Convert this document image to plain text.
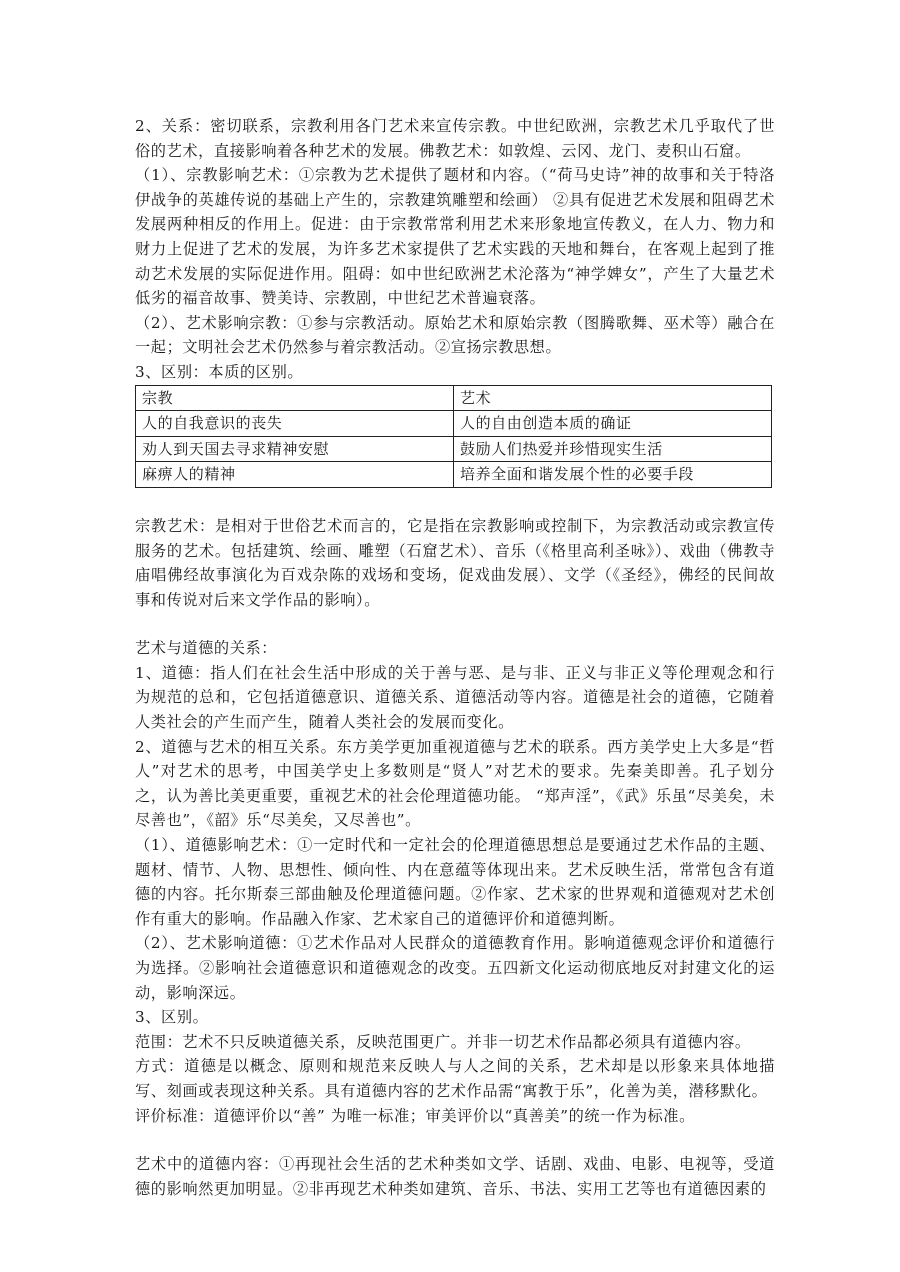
2、关系：密切联系，宗教利用各门艺术来宣传宗教。中世纪欧洲，宗教艺术几乎取代了世俗的艺术，直接影响着各种艺术的发展。佛教艺术：如敦煌、云冈、龙门、麦积山石窟。

（1）、宗教影响艺术：①宗教为艺术提供了题材和内容。（“荷马史诗”神的故事和关于特洛伊战争的英雄传说的基础上产生的，宗教建筑雕塑和绘画） ②具有促进艺术发展和阻碍艺术发展两种相反的作用上。促进：由于宗教常常利用艺术来形象地宣传教义，在人力、物力和财力上促进了艺术的发展，为许多艺术家提供了艺术实践的天地和舞台，在客观上起到了推动艺术发展的实际促进作用。阻碍：如中世纪欧洲艺术沦落为“神学婢女”，产生了大量艺术低劣的福音故事、赞美诗、宗教剧，中世纪艺术普遍衰落。

（2）、艺术影响宗教：①参与宗教活动。原始艺术和原始宗教（图腾歌舞、巫术等）融合在一起；文明社会艺术仍然参与着宗教活动。②宣扬宗教思想。

3、区别：本质的区别。

宗教	艺术
人的自我意识的丧失	人的自由创造本质的确证
劝人到天国去寻求精神安慰	鼓励人们热爱并珍惜现实生活
麻痹人的精神	培养全面和谐发展个性的必要手段

宗教艺术：是相对于世俗艺术而言的，它是指在宗教影响或控制下，为宗教活动或宗教宣传服务的艺术。包括建筑、绘画、雕塑（石窟艺术）、音乐（《格里高利圣咏》）、戏曲（佛教寺庙唱佛经故事演化为百戏杂陈的戏场和变场，促戏曲发展）、文学（《圣经》，佛经的民间故事和传说对后来文学作品的影响）。

艺术与道德的关系：

1、道德：指人们在社会生活中形成的关于善与恶、是与非、正义与非正义等伦理观念和行为规范的总和，它包括道德意识、道德关系、道德活动等内容。道德是社会的道德，它随着人类社会的产生而产生，随着人类社会的发展而变化。

2、道德与艺术的相互关系。东方美学更加重视道德与艺术的联系。西方美学史上大多是“哲人”对艺术的思考，中国美学史上多数则是“贤人”对艺术的要求。先秦美即善。孔子划分之，认为善比美更重要，重视艺术的社会伦理道德功能。 “郑声淫”，《武》乐虽“尽美矣，未尽善也”，《韶》乐“尽美矣，又尽善也”。

（1）、道德影响艺术：①一定时代和一定社会的伦理道德思想总是要通过艺术作品的主题、题材、情节、人物、思想性、倾向性、内在意蕴等体现出来。艺术反映生活，常常包含有道德的内容。托尔斯泰三部曲触及伦理道德问题。②作家、艺术家的世界观和道德观对艺术创作有重大的影响。作品融入作家、艺术家自己的道德评价和道德判断。

（2）、艺术影响道德：①艺术作品对人民群众的道德教育作用。影响道德观念评价和道德行为选择。②影响社会道德意识和道德观念的改变。五四新文化运动彻底地反对封建文化的运动，影响深远。

3、区别。

范围：艺术不只反映道德关系，反映范围更广。并非一切艺术作品都必须具有道德内容。

方式：道德是以概念、原则和规范来反映人与人之间的关系，艺术却是以形象来具体地描写、刻画或表现这种关系。具有道德内容的艺术作品需“寓教于乐”，化善为美，潜移默化。

评价标准：道德评价以“善” 为唯一标准；审美评价以“真善美”的统一作为标准。

艺术中的道德内容：①再现社会生活的艺术种类如文学、话剧、戏曲、电影、电视等，受道德的影响然更加明显。②非再现艺术种类如建筑、音乐、书法、实用工艺等也有道德因素的
